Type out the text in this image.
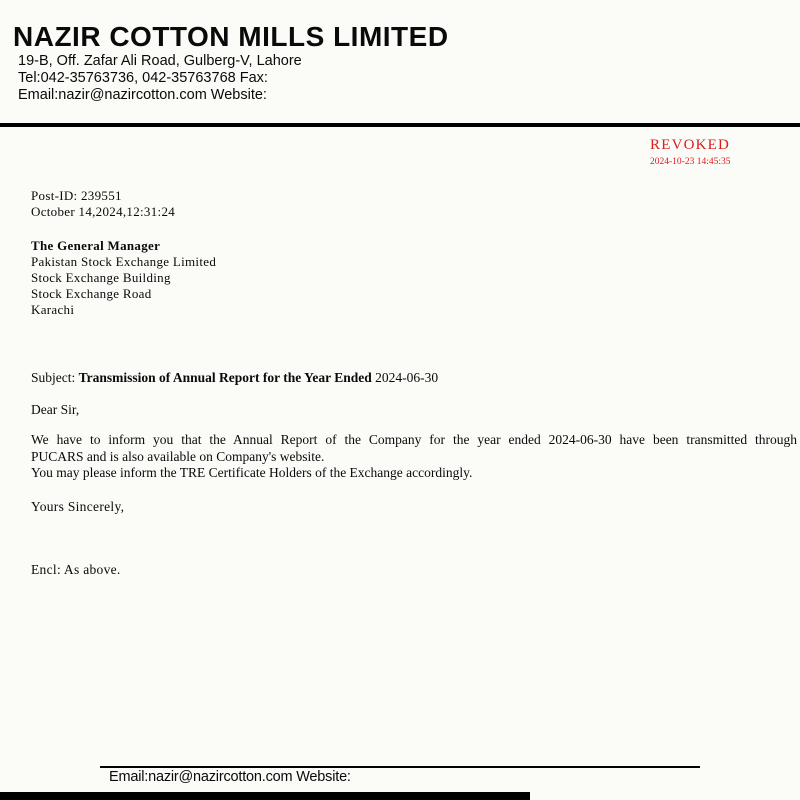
NAZIR COTTON MILLS LIMITED
19-B, Off. Zafar Ali Road, Gulberg-V, Lahore
Tel:042-35763736, 042-35763768 Fax:
Email:nazir@nazircotton.com Website:
REVOKED
2024-10-23 14:45:35
Post-ID: 239551
October 14,2024,12:31:24
The General Manager
Pakistan Stock Exchange Limited
Stock Exchange Building
Stock Exchange Road
Karachi
Subject: Transmission of Annual Report for the Year Ended 2024-06-30
Dear Sir,
We have to inform you that the Annual Report of the Company for the year ended 2024-06-30 have been transmitted through
PUCARS and is also available on Company's website.
You may please inform the TRE Certificate Holders of the Exchange accordingly.
Yours Sincerely,
Encl: As above.
Email:nazir@nazircotton.com Website:
